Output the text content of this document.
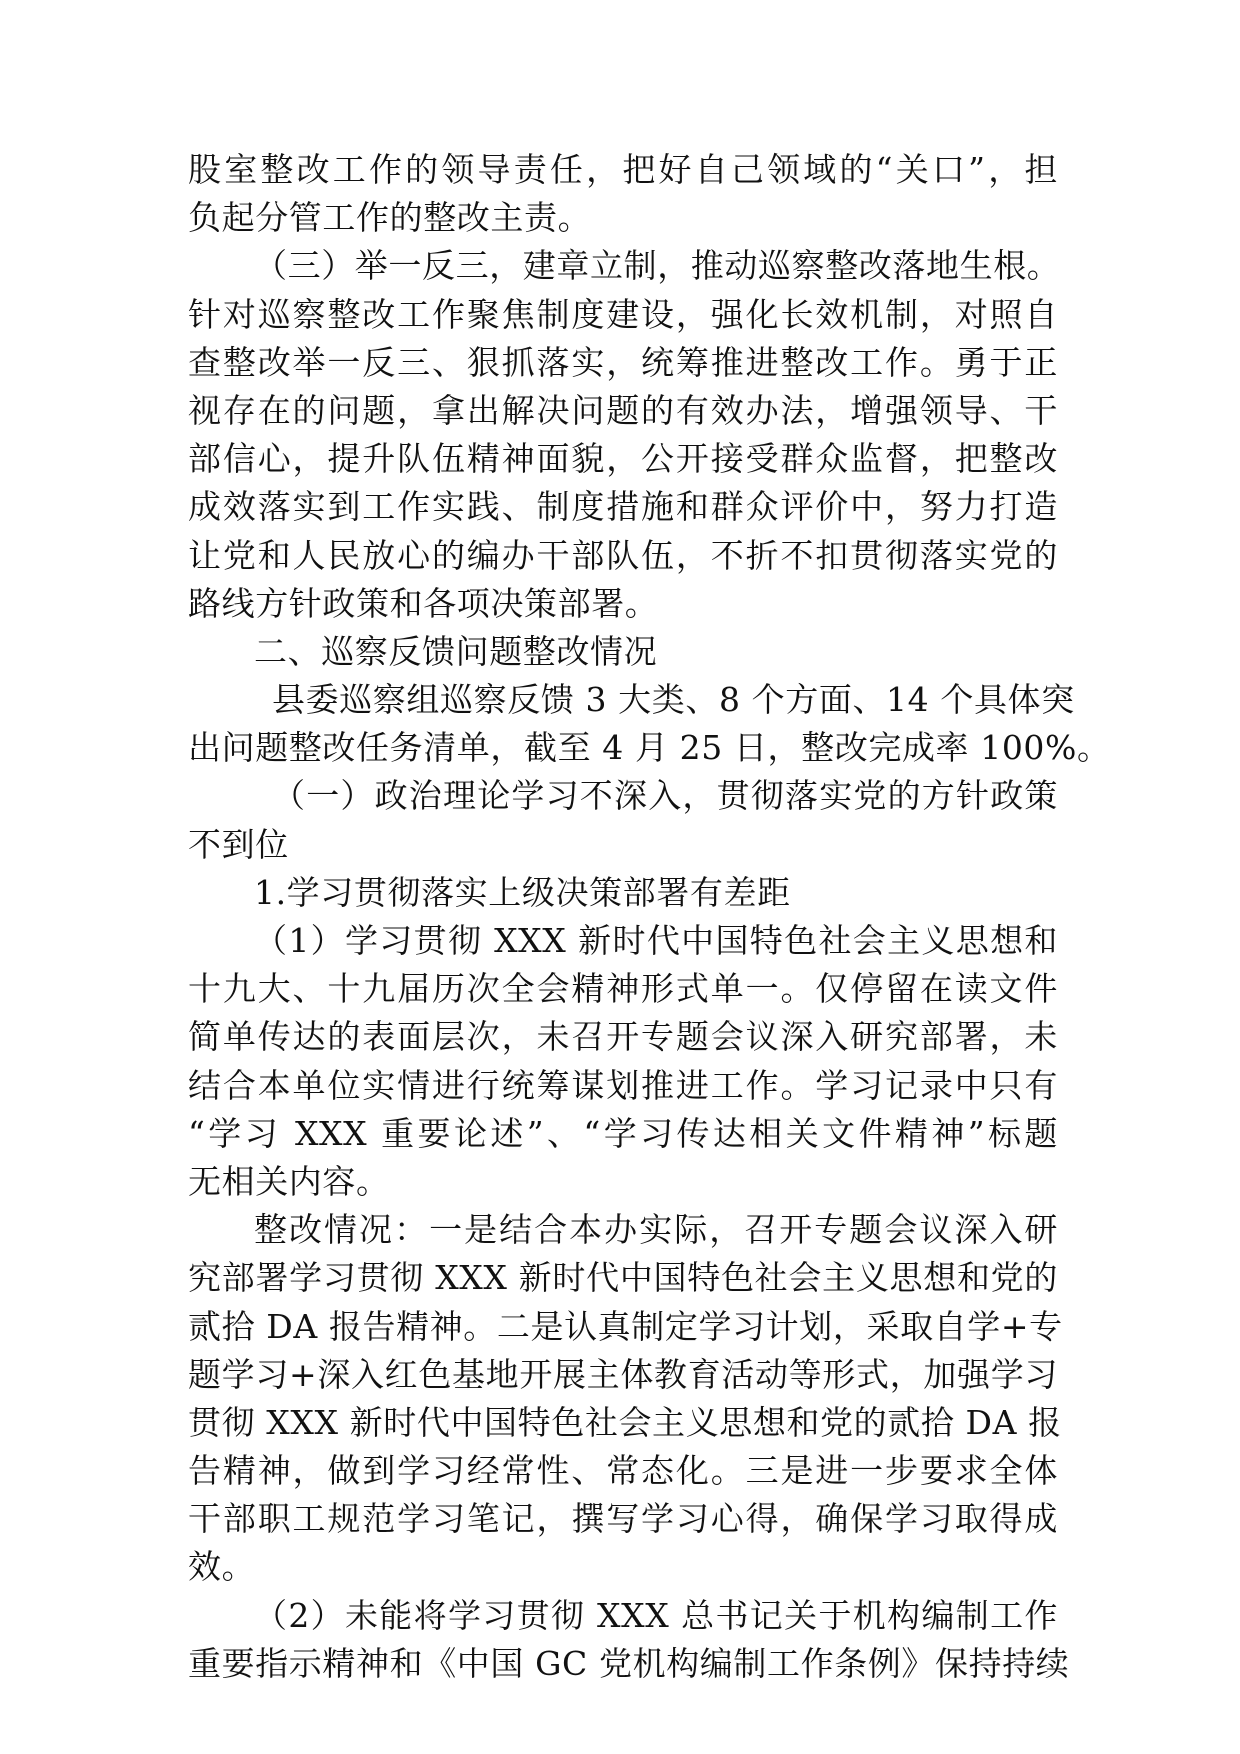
股室整改工作的领导责任，把好自己领域的“关口”，担
负起分管工作的整改主责。
（三）举一反三，建章立制，推动巡察整改落地生根。
针对巡察整改工作聚焦制度建设，强化长效机制，对照自
查整改举一反三、狠抓落实，统筹推进整改工作。勇于正
视存在的问题，拿出解决问题的有效办法，增强领导、干
部信心，提升队伍精神面貌，公开接受群众监督，把整改
成效落实到工作实践、制度措施和群众评价中，努力打造
让党和人民放心的编办干部队伍，不折不扣贯彻落实党的
路线方针政策和各项决策部署。
二、巡察反馈问题整改情况
县委巡察组巡察反馈 3 大类、8 个方面、14 个具体突
出问题整改任务清单，截至 4 月 25 日，整改完成率 100%。
（一）政治理论学习不深入，贯彻落实党的方针政策
不到位
1.学习贯彻落实上级决策部署有差距
（1）学习贯彻 XXX 新时代中国特色社会主义思想和
十九大、十九届历次全会精神形式单一。仅停留在读文件
简单传达的表面层次，未召开专题会议深入研究部署，未
结合本单位实情进行统筹谋划推进工作。学习记录中只有
“学习 XXX 重要论述”、“学习传达相关文件精神”标题
无相关内容。
整改情况：一是结合本办实际，召开专题会议深入研
究部署学习贯彻 XXX 新时代中国特色社会主义思想和党的
贰拾 DA 报告精神。二是认真制定学习计划，采取自学+专
题学习+深入红色基地开展主体教育活动等形式，加强学习
贯彻 XXX 新时代中国特色社会主义思想和党的贰拾 DA 报
告精神，做到学习经常性、常态化。三是进一步要求全体
干部职工规范学习笔记，撰写学习心得，确保学习取得成
效。
（2）未能将学习贯彻 XXX 总书记关于机构编制工作
重要指示精神和《中国 GC 党机构编制工作条例》保持持续
